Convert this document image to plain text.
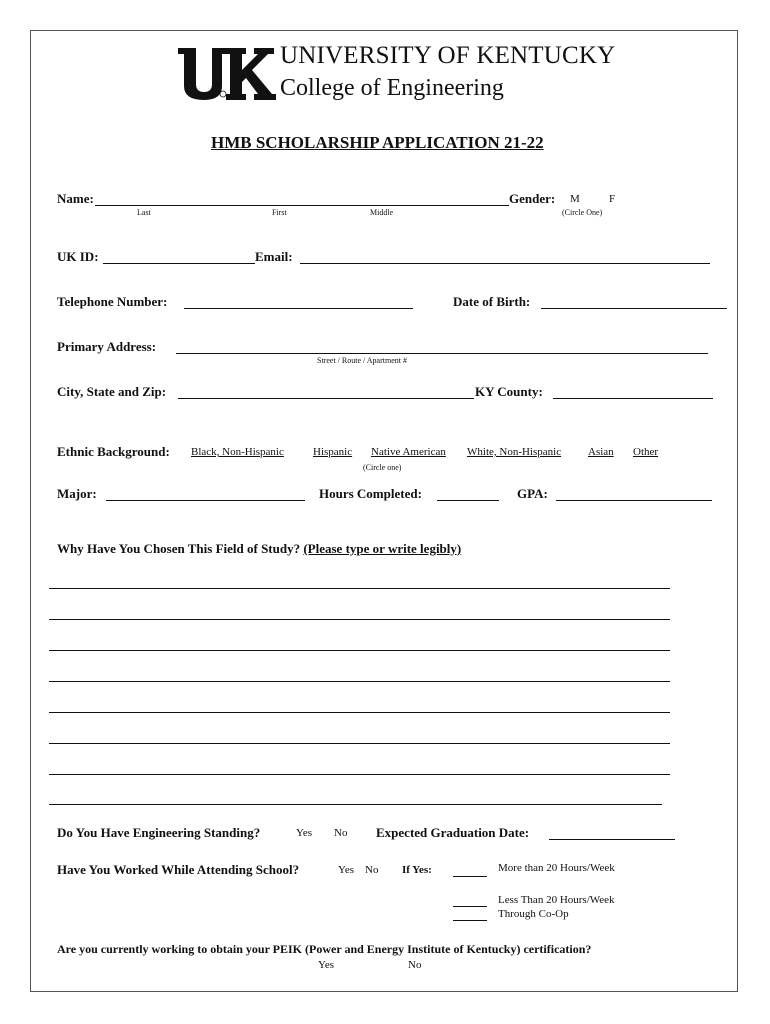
UNIVERSITY OF KENTUCKY
College of Engineering
HMB SCHOLARSHIP APPLICATION 21-22
Name:
Last	First	Middle
Gender: M	F
(Circle One)
UK ID:	Email:
Telephone Number:	Date of Birth:
Primary Address:
Street / Route / Apartment #
City, State and Zip:	KY County:
Ethnic Background: Black, Non-Hispanic	Hispanic Native American White, Non-Hispanic Asian Other
(Circle one)
Major:	Hours Completed:	GPA:
Why Have You Chosen This Field of Study? (Please type or write legibly)
Do You Have Engineering Standing?	Yes No Expected Graduation Date:
Have You Worked While Attending School?	Yes No If Yes:	More than 20 Hours/Week
Less Than 20 Hours/Week
Through Co-Op
Are you currently working to obtain your PEIK (Power and Energy Institute of Kentucky) certification?
Yes	No
